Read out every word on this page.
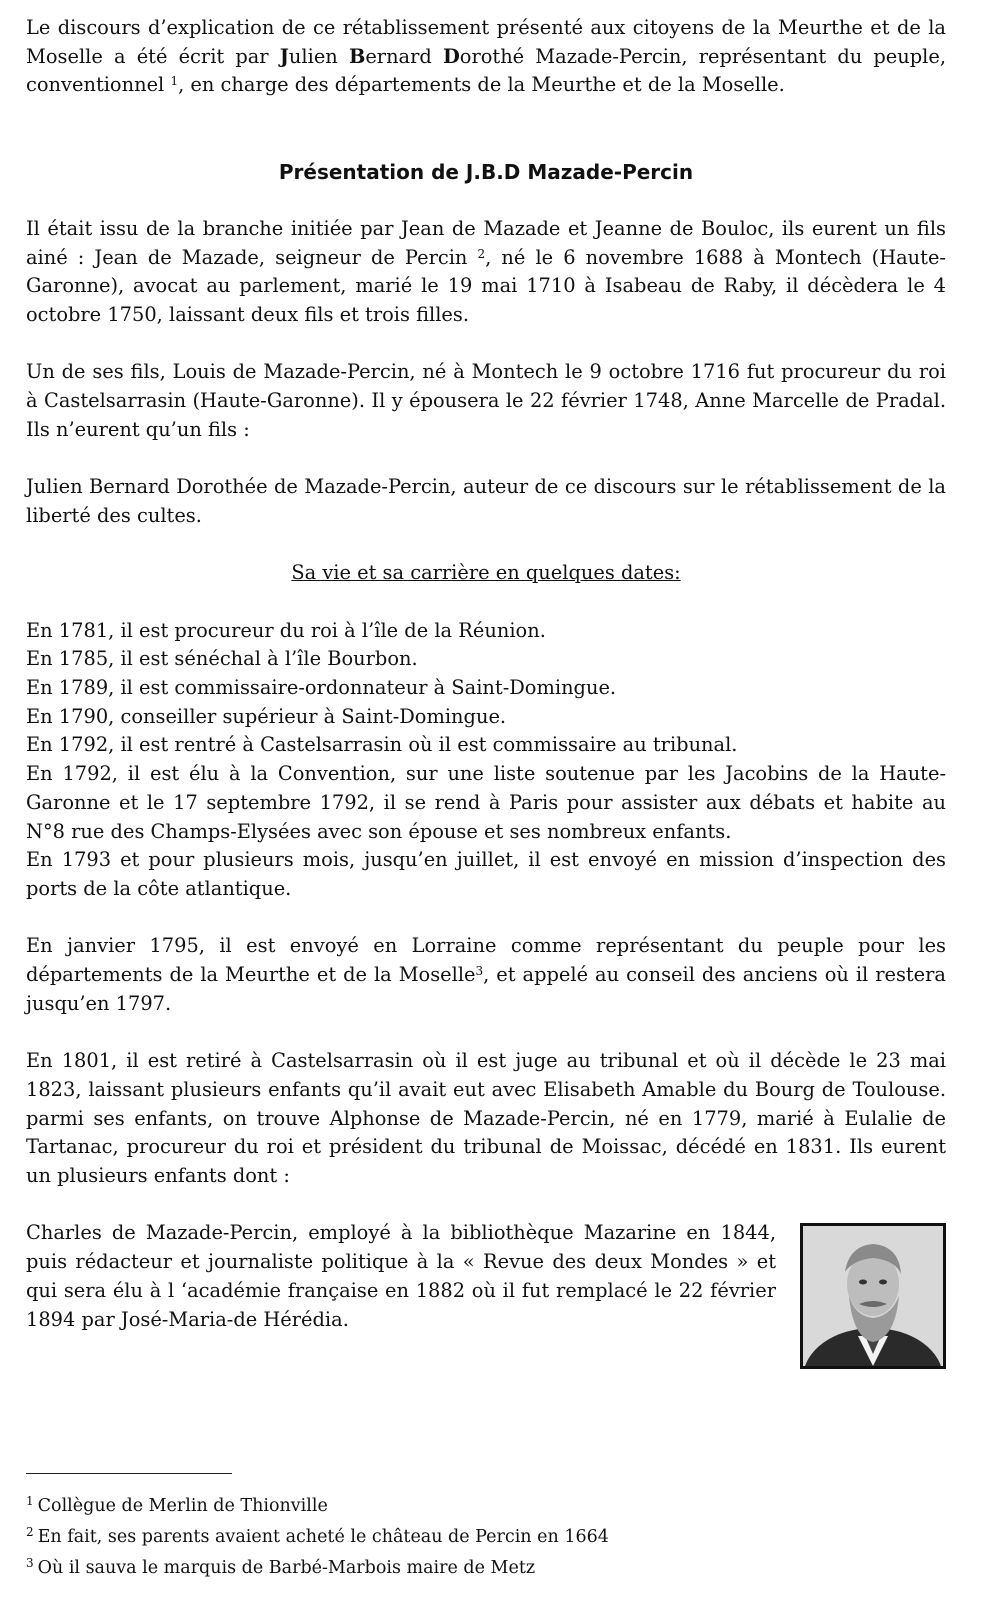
Le discours d’explication de ce rétablissement présenté aux citoyens de la Meurthe et de la Moselle a été écrit par Julien Bernard Dorothé Mazade-Percin, représentant du peuple, conventionnel $^1$, en charge des départements de la Meurthe et de la Moselle.

Présentation de J.B.D Mazade-Percin

Il était issu de la branche initiée par Jean de Mazade et Jeanne de Bouloc, ils eurent un fils ainé : Jean de Mazade, seigneur de Percin $^2$, né le 6 novembre 1688 à Montech (Haute-Garonne), avocat au parlement, marié le 19 mai 1710 à Isabeau de Raby, il décèdera le 4 octobre 1750, laissant deux fils et trois filles.

Un de ses fils, Louis de Mazade-Percin, né à Montech le 9 octobre 1716 fut procureur du roi à Castelsarrasin (Haute-Garonne). Il y épousera le 22 février 1748, Anne Marcelle de Pradal. Ils n’eurent qu’un fils :

Julien Bernard Dorothée de Mazade-Percin, auteur de ce discours sur le rétablissement de la liberté des cultes.

Sa vie et sa carrière en quelques dates:

En 1781, il est procureur du roi à l’île de la Réunion.

En 1785, il est sénéchal à l’île Bourbon.

En 1789, il est commissaire-ordonnateur à Saint-Domingue.

En 1790, conseiller supérieur à Saint-Domingue.

En 1792, il est rentré à Castelsarrasin où il est commissaire au tribunal.

En 1792, il est élu à la Convention, sur une liste soutenue par les Jacobins de la Haute-Garonne et le 17 septembre 1792, il se rend à Paris pour assister aux débats et habite au N°8 rue des Champs-Elysées avec son épouse et ses nombreux enfants.

En 1793 et pour plusieurs mois, jusqu’en juillet, il est envoyé en mission d’inspection des ports de la côte atlantique.

En janvier 1795, il est envoyé en Lorraine comme représentant du peuple pour les départements de la Meurthe et de la Moselle$^3$, et appelé au conseil des anciens où il restera jusqu’en 1797.

En 1801, il est retiré à Castelsarrasin où il est juge au tribunal et où il décède le 23 mai 1823, laissant plusieurs enfants qu’il avait eut avec Elisabeth Amable du Bourg de Toulouse. parmi ses enfants, on trouve Alphonse de Mazade-Percin, né en 1779, marié à Eulalie de Tartanac, procureur du roi et président du tribunal de Moissac, décédé en 1831. Ils eurent un plusieurs enfants dont :

Charles de Mazade-Percin, employé à la bibliothèque Mazarine en 1844, puis rédacteur et journaliste politique à la « Revue des deux Mondes » et qui sera élu à l ‘académie française en 1882 où il fut remplacé le 22 février 1894 par José-Maria-de Hérédia.

$^1$ Collègue de Merlin de Thionville

$^2$ En fait, ses parents avaient acheté le château de Percin en 1664

$^3$ Où il sauva le marquis de Barbé-Marbois maire de Metz
